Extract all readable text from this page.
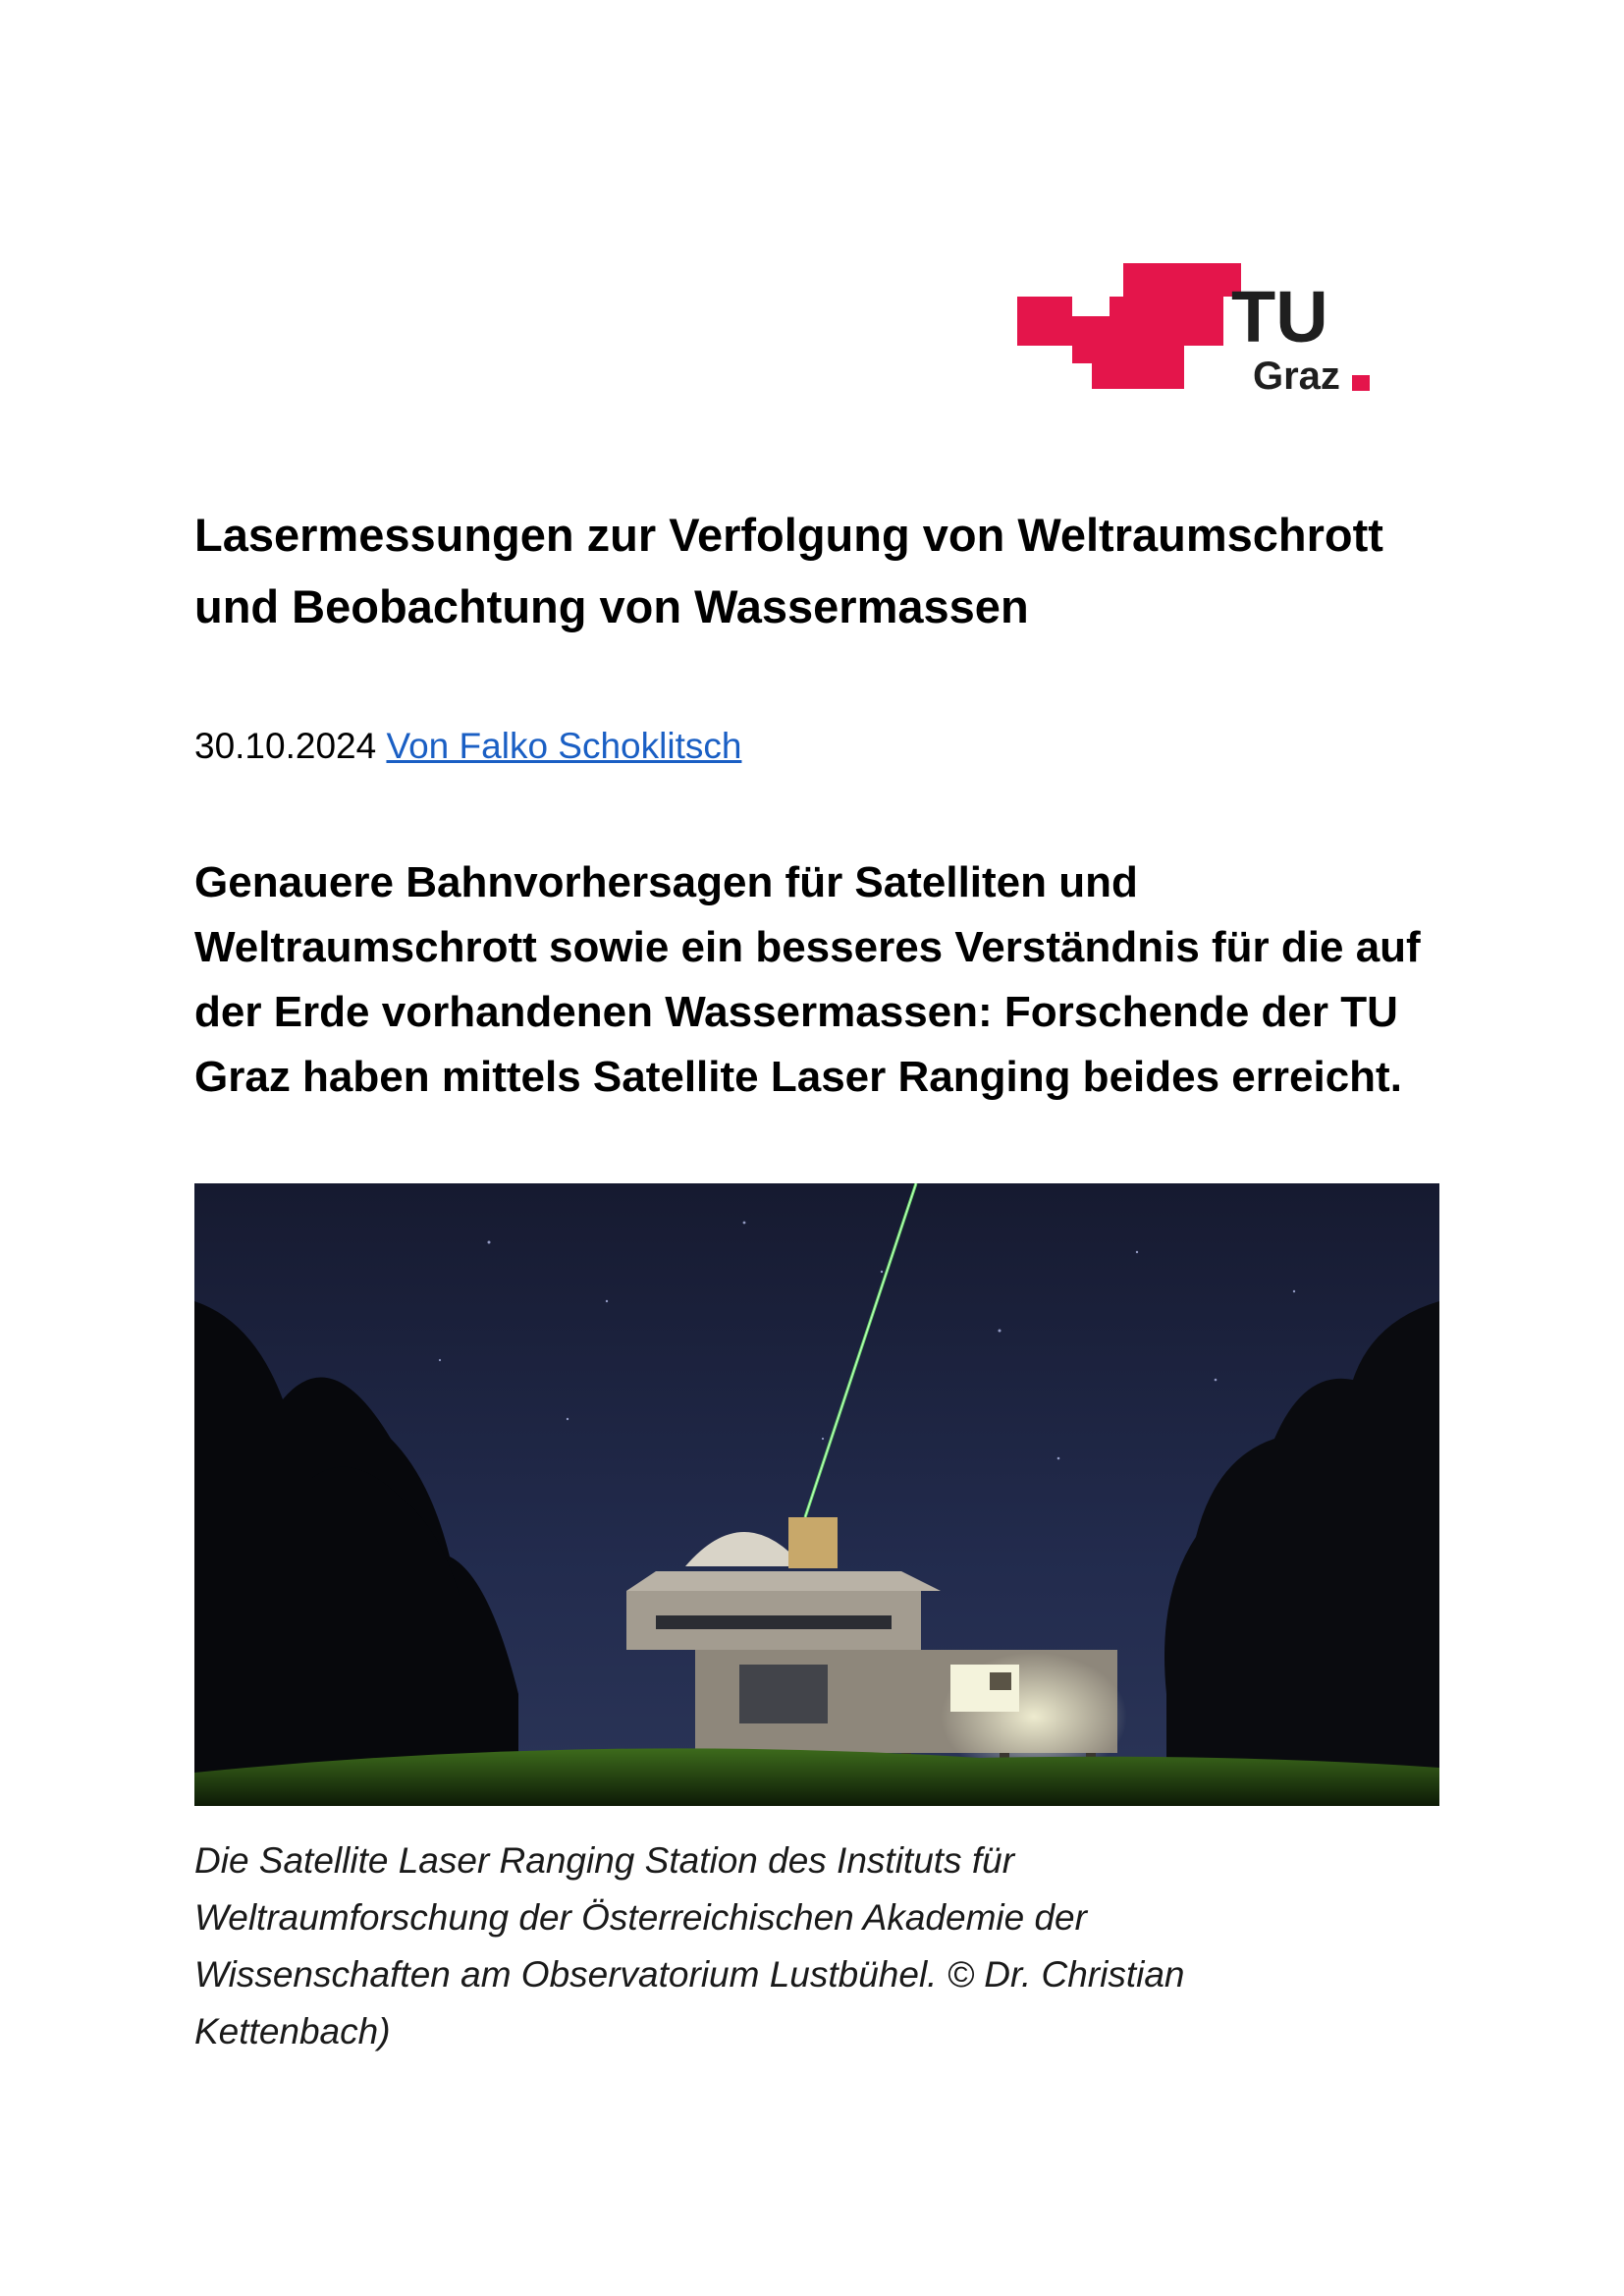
TU
Graz
Lasermessungen zur Verfolgung von Weltraumschrott
und Beobachtung von Wassermassen
30.10.2024 Von Falko Schoklitsch

Genauere Bahnvorhersagen für Satelliten und
Weltraumschrott sowie ein besseres Verständnis für die auf
der Erde vorhandenen Wassermassen: Forschende der TU
Graz haben mittels Satellite Laser Ranging beides erreicht.

Die Satellite Laser Ranging Station des Instituts für
Weltraumforschung der Österreichischen Akademie der
Wissenschaften am Observatorium Lustbühel. © Dr. Christian
Kettenbach)
